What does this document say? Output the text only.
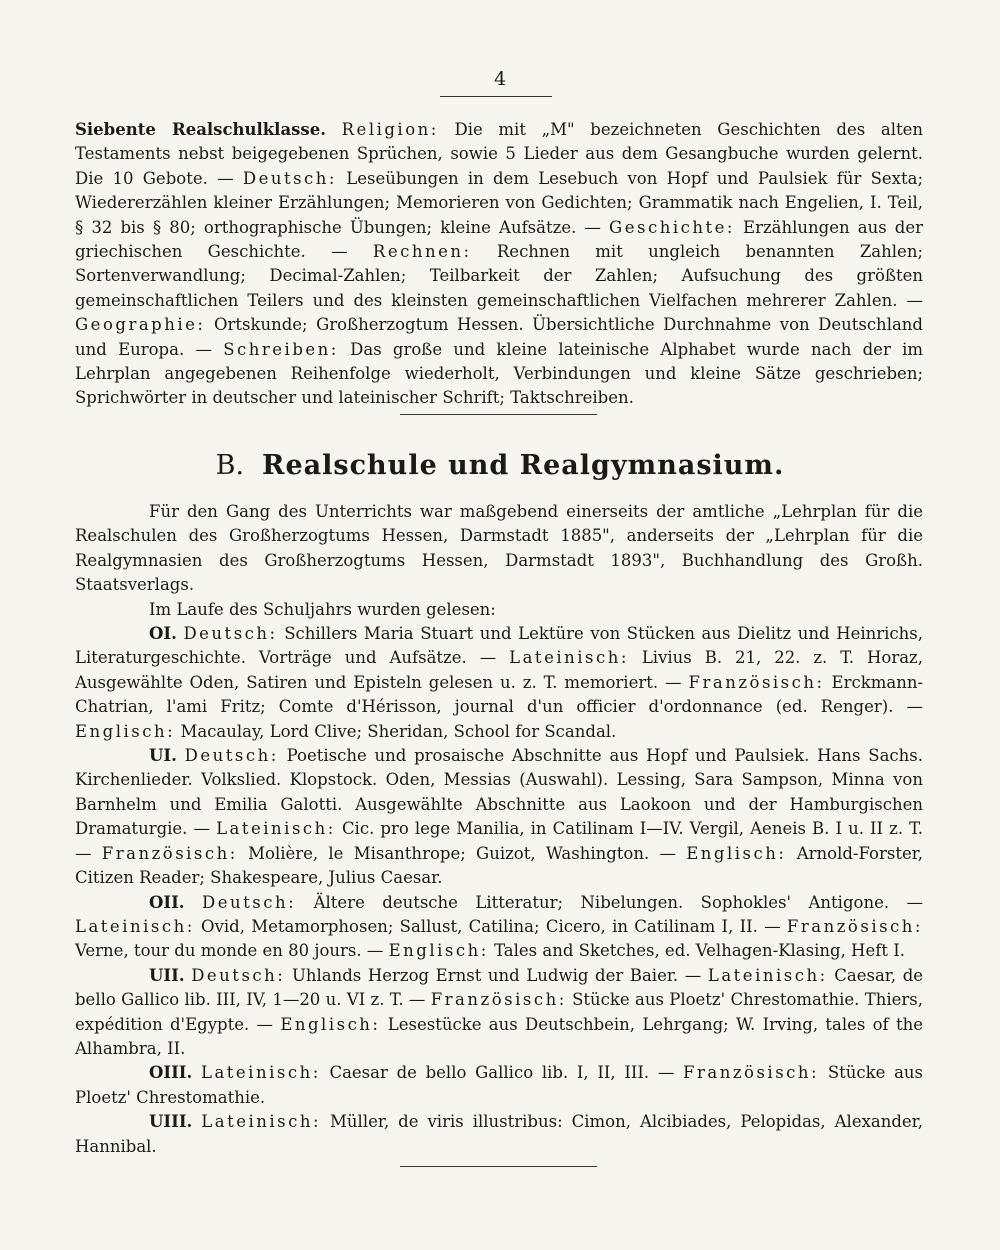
4
Siebente Realschulklasse. Religion: Die mit „M" bezeichneten Geschichten des alten Testaments nebst beigegebenen Sprüchen, sowie 5 Lieder aus dem Gesangbuche wurden gelernt. Die 10 Gebote. — Deutsch: Leseübungen in dem Lesebuch von Hopf und Paulsiek für Sexta; Wiedererzählen kleiner Erzählungen; Memorieren von Gedichten; Grammatik nach Engelien, I. Teil, § 32 bis § 80; orthographische Übungen; kleine Aufsätze. — Geschichte: Erzählungen aus der griechischen Geschichte. — Rechnen: Rechnen mit ungleich benannten Zahlen; Sortenverwandlung; Decimal-Zahlen; Teilbarkeit der Zahlen; Aufsuchung des größten gemeinschaftlichen Teilers und des kleinsten gemeinschaftlichen Vielfachen mehrerer Zahlen. — Geographie: Ortskunde; Großherzogtum Hessen. Übersichtliche Durchnahme von Deutschland und Europa. — Schreiben: Das große und kleine lateinische Alphabet wurde nach der im Lehrplan angegebenen Reihenfolge wiederholt, Verbindungen und kleine Sätze geschrieben; Sprichwörter in deutscher und lateinischer Schrift; Taktschreiben.
B. Realschule und Realgymnasium.
Für den Gang des Unterrichts war maßgebend einerseits der amtliche „Lehrplan für die Realschulen des Großherzogtums Hessen, Darmstadt 1885", anderseits der „Lehrplan für die Realgymnasien des Großherzogtums Hessen, Darmstadt 1893", Buchhandlung des Großh. Staatsverlags.
Im Laufe des Schuljahrs wurden gelesen:
OI. Deutsch: Schillers Maria Stuart und Lektüre von Stücken aus Dielitz und Heinrichs, Literaturgeschichte. Vorträge und Aufsätze. — Lateinisch: Livius B. 21, 22. z. T. Horaz, Ausgewählte Oden, Satiren und Episteln gelesen u. z. T. memoriert. — Französisch: Erckmann-Chatrian, l'ami Fritz; Comte d'Hérisson, journal d'un officier d'ordonnance (ed. Renger). — Englisch: Macaulay, Lord Clive; Sheridan, School for Scandal.
UI. Deutsch: Poetische und prosaische Abschnitte aus Hopf und Paulsiek. Hans Sachs. Kirchenlieder. Volkslied. Klopstock. Oden, Messias (Auswahl). Lessing, Sara Sampson, Minna von Barnhelm und Emilia Galotti. Ausgewählte Abschnitte aus Laokoon und der Hamburgischen Dramaturgie. — Lateinisch: Cic. pro lege Manilia, in Catilinam I—IV. Vergil, Aeneis B. I u. II z. T. — Französisch: Molière, le Misanthrope; Guizot, Washington. — Englisch: Arnold-Forster, Citizen Reader; Shakespeare, Julius Caesar.
OII. Deutsch: Ältere deutsche Litteratur; Nibelungen. Sophokles' Antigone. — Lateinisch: Ovid, Metamorphosen; Sallust, Catilina; Cicero, in Catilinam I, II. — Französisch: Verne, tour du monde en 80 jours. — Englisch: Tales and Sketches, ed. Velhagen-Klasing, Heft I.
UII. Deutsch: Uhlands Herzog Ernst und Ludwig der Baier. — Lateinisch: Caesar, de bello Gallico lib. III, IV, 1—20 u. VI z. T. — Französisch: Stücke aus Ploetz' Chrestomathie. Thiers, expédition d'Egypte. — Englisch: Lesestücke aus Deutschbein, Lehrgang; W. Irving, tales of the Alhambra, II.
OIII. Lateinisch: Caesar de bello Gallico lib. I, II, III. — Französisch: Stücke aus Ploetz' Chrestomathie.
UIII. Lateinisch: Müller, de viris illustribus: Cimon, Alcibiades, Pelopidas, Alexander, Hannibal.
